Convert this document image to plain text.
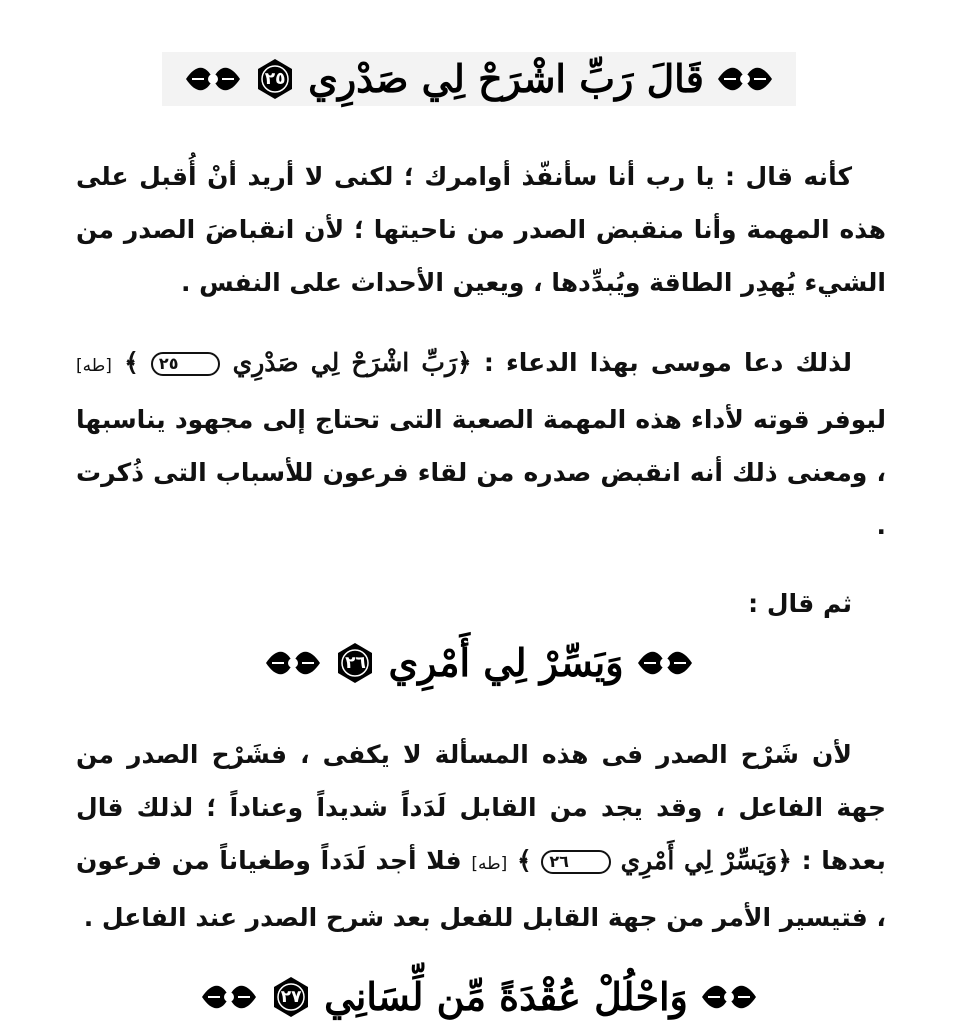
قَالَ رَبِّ اشْرَحْ لِي صَدْرِي
٢٥

كأنه قال : يا رب أنا سأنفّذ أوامرك ؛ لكنى لا أريد أنْ أُقبل على هذه المهمة وأنا منقبض الصدر من ناحيتها ؛ لأن انقباضَ الصدر من الشيء يُهدِر الطاقة ويُبدِّدها ، ويعين الأحداث على النفس .

لذلك دعا موسى بهذا الدعاء : ﴿رَبِّ اشْرَحْ لِي صَدْرِي ٢٥ ﴾ [طه] ليوفر قوته لأداء هذه المهمة الصعبة التى تحتاج إلى مجهود يناسبها ، ومعنى ذلك أنه انقبض صدره من لقاء فرعون للأسباب التى ذُكرت .

ثم قال :

وَيَسِّرْ لِي أَمْرِي
٢٦

لأن شَرْح الصدر فى هذه المسألة لا يكفى ، فشَرْح الصدر من جهة الفاعل ، وقد يجد من القابل لَدَداً شديداً وعناداً ؛ لذلك قال بعدها : ﴿وَيَسِّرْ لِي أَمْرِي ٢٦ ﴾ [طه] فلا أجد لَدَداً وطغياناً من فرعون ، فتيسير الأمر من جهة القابل للفعل بعد شرح الصدر عند الفاعل .

وَاحْلُلْ عُقْدَةً مِّن لِّسَانِي
٢٧
